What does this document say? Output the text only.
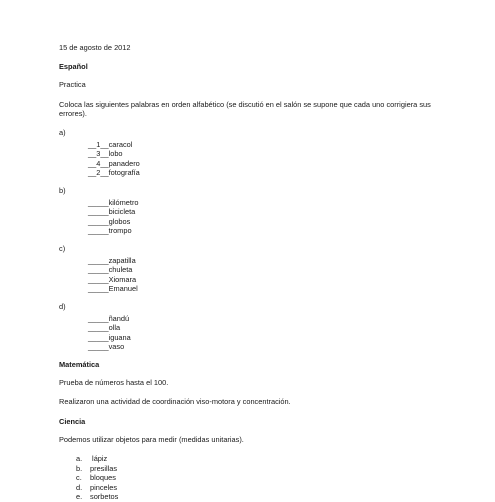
15 de agosto de 2012

Español

Practica

Coloca las siguientes palabras en orden alfabético (se discutió en el salón se supone que cada uno corrigiera sus errores).

a)

__1__caracol
__3__lobo
__4__panadero
__2__fotografía

b)

_____kilómetro
_____bicicleta
_____globos
_____trompo

c)

_____zapatilla
_____chuleta
_____Xiomara
_____Emanuel

d)

_____ñandú
_____olla
_____iguana
_____vaso

Matemática

Prueba de números hasta el 100.

Realizaron una actividad de coordinación viso-motora y concentración.

Ciencia

Podemos utilizar objetos para medir (medidas unitarias).

a. lápiz
b. presillas
c. bloques
d. pinceles
e. sorbetos
